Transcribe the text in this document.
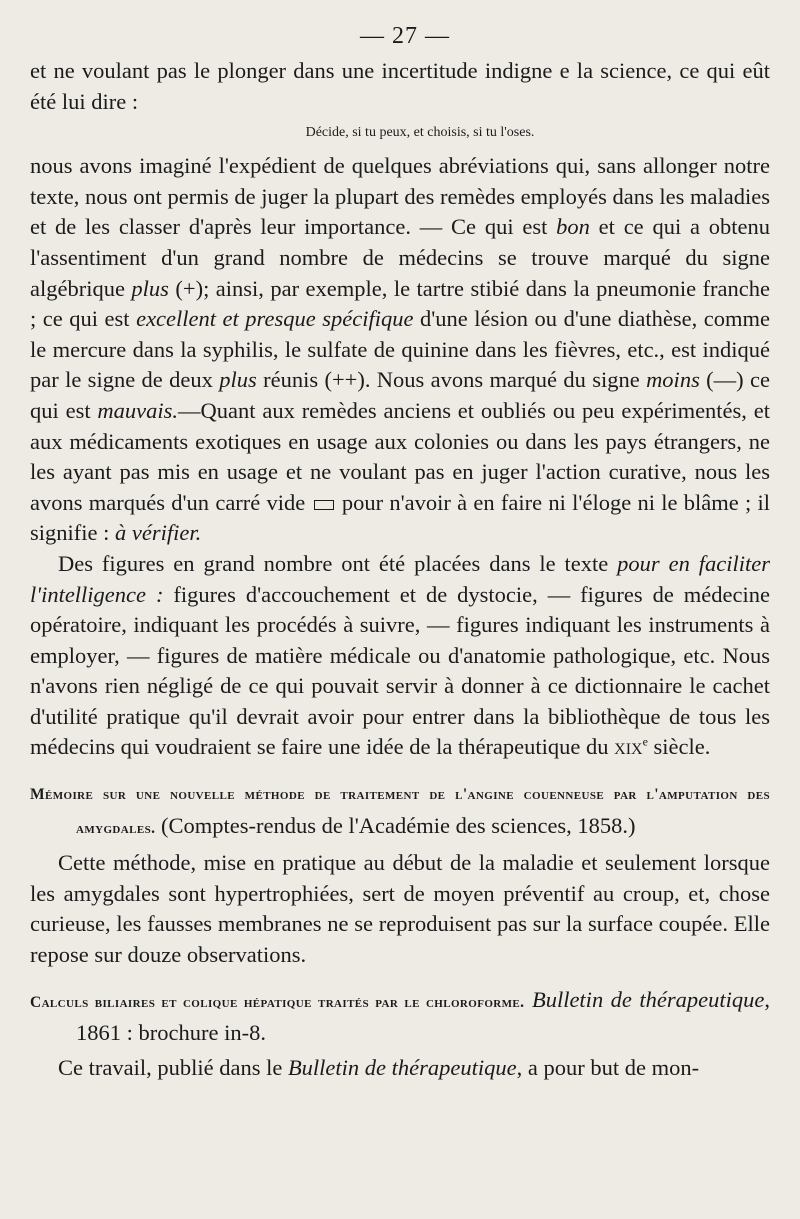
— 27 —

et ne voulant pas le plonger dans une incertitude indigne e la science, ce qui eût été lui dire :

Décide, si tu peux, et choisis, si tu l'oses.

nous avons imaginé l'expédient de quelques abréviations qui, sans allonger notre texte, nous ont permis de juger la plupart des remèdes employés dans les maladies et de les classer d'après leur importance. — Ce qui est bon et ce qui a obtenu l'assentiment d'un grand nombre de médecins se trouve marqué du signe algébrique plus (+); ainsi, par exemple, le tartre stibié dans la pneumonie franche ; ce qui est excellent et presque spécifique d'une lésion ou d'une diathèse, comme le mercure dans la syphilis, le sulfate de quinine dans les fièvres, etc., est indiqué par le signe de deux plus réunis (++). Nous avons marqué du signe moins (—) ce qui est mauvais.—Quant aux remèdes anciens et oubliés ou peu expérimentés, et aux médicaments exotiques en usage aux colonies ou dans les pays étrangers, ne les ayant pas mis en usage et ne voulant pas en juger l'action curative, nous les avons marqués d'un carré vide pour n'avoir à en faire ni l'éloge ni le blâme ; il signifie : à vérifier.

Des figures en grand nombre ont été placées dans le texte pour en faciliter l'intelligence : figures d'accouchement et de dystocie, — figures de médecine opératoire, indiquant les procédés à suivre, — figures indiquant les instruments à employer, — figures de matière médicale ou d'anatomie pathologique, etc. Nous n'avons rien négligé de ce qui pouvait servir à donner à ce dictionnaire le cachet d'utilité pratique qu'il devrait avoir pour entrer dans la bibliothèque de tous les médecins qui voudraient se faire une idée de la thérapeutique du xix$^e$ siècle.

Mémoire sur une nouvelle méthode de traitement de l'angine couenneuse par l'amputation des amygdales. (Comptes-rendus de l'Académie des sciences, 1858.)

Cette méthode, mise en pratique au début de la maladie et seulement lorsque les amygdales sont hypertrophiées, sert de moyen préventif au croup, et, chose curieuse, les fausses membranes ne se reproduisent pas sur la surface coupée. Elle repose sur douze observations.

Calculs biliaires et colique hépatique traités par le chloroforme. Bulletin de thérapeutique, 1861 : brochure in-8.

Ce travail, publié dans le Bulletin de thérapeutique, a pour but de mon-
